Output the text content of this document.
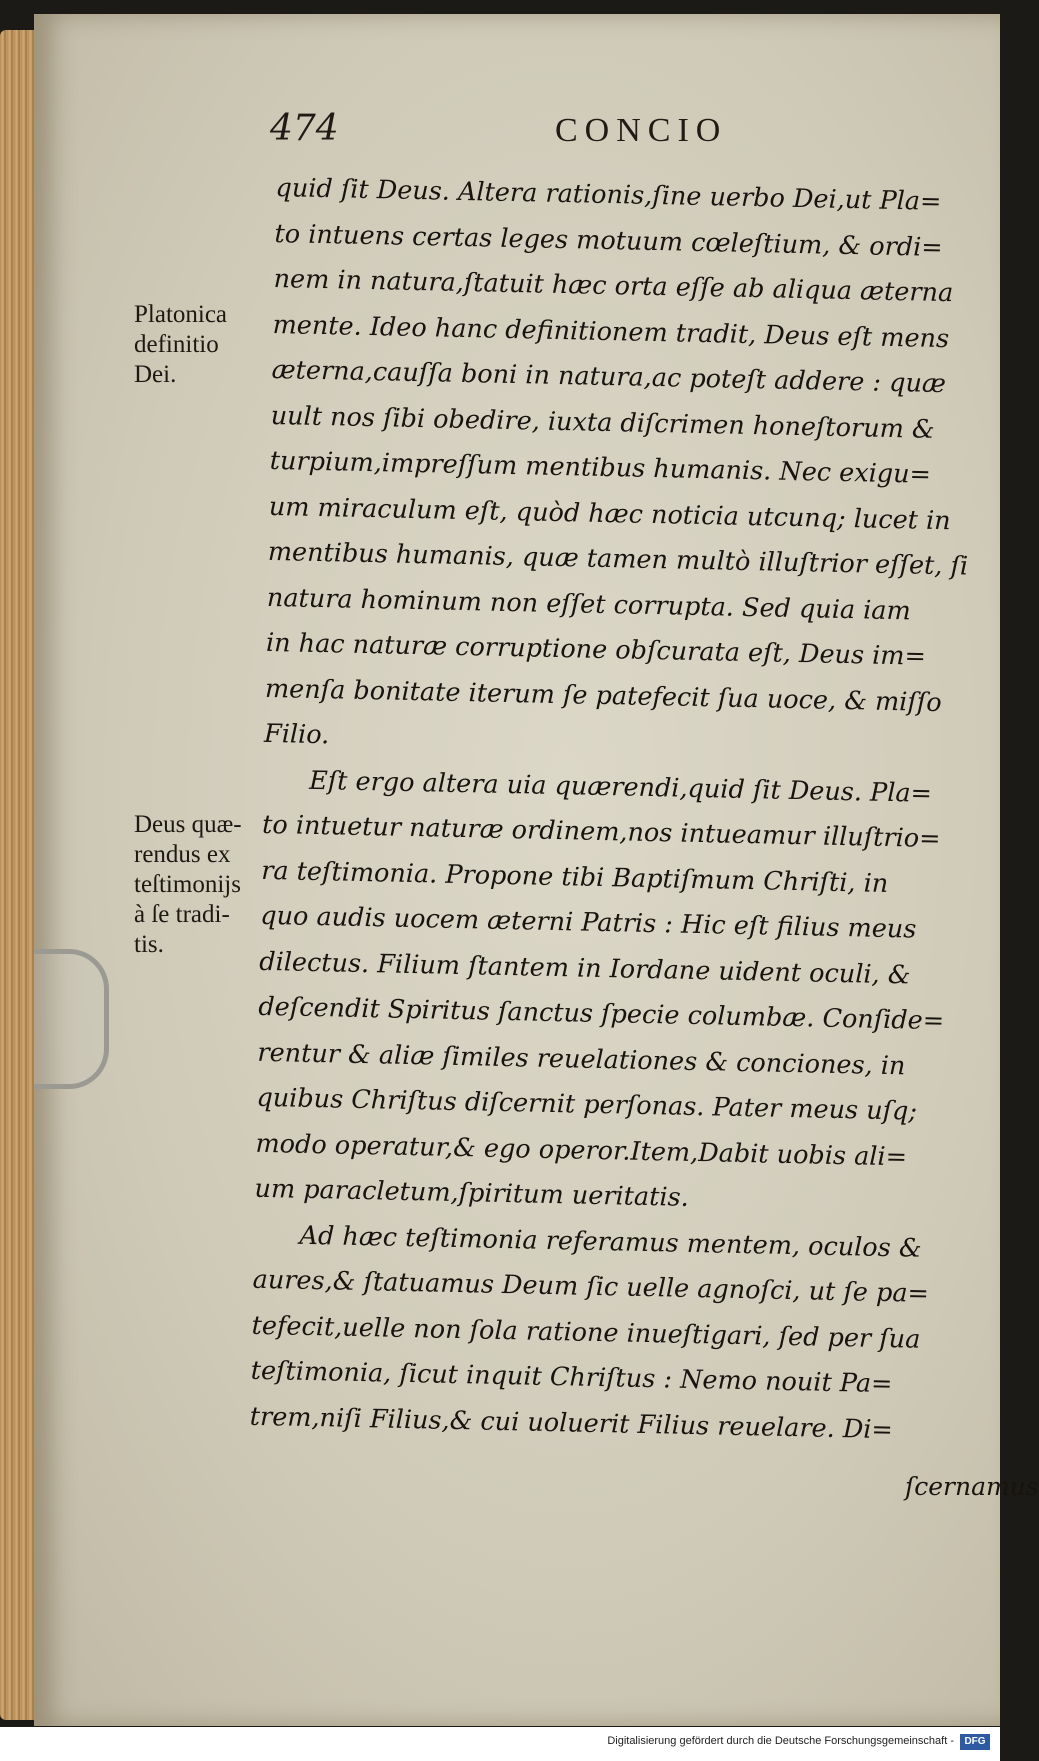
474	CONCIO
Platonica
definitio
Dei.
Deus quæ-
rendus ex
teſtimonijs
à ſe tradi-
tis.
quid ſit Deus. Altera rationis,ſine uerbo Dei,ut Pla=
to intuens certas leges motuum cœleſtium, & ordi=
nem in natura,ſtatuit hæc orta eſſe ab aliqua æterna
mente. Ideo hanc definitionem tradit, Deus eſt mens
æterna,cauſſa boni in natura,ac poteſt addere : quæ
uult nos ſibi obedire, iuxta diſcrimen honeſtorum &
turpium,impreſſum mentibus humanis. Nec exigu=
um miraculum eſt, quòd hæc noticia utcunq; lucet in
mentibus humanis, quæ tamen multò illuſtrior eſſet, ſi
natura hominum non eſſet corrupta. Sed quia iam
in hac naturæ corruptione obſcurata eſt, Deus im=
menſa bonitate iterum ſe patefecit ſua uoce, & miſſo
Filio.
Eſt ergo altera uia quærendi,quid ſit Deus. Pla=
to intuetur naturæ ordinem,nos intueamur illuſtrio=
ra teſtimonia. Propone tibi Baptiſmum Chriſti, in
quo audis uocem æterni Patris : Hic eſt filius meus
dilectus. Filium ſtantem in Iordane uident oculi, &
deſcendit Spiritus ſanctus ſpecie columbæ. Conſide=
rentur & aliæ ſimiles reuelationes & conciones, in
quibus Chriſtus diſcernit perſonas. Pater meus uſq;
modo operatur,& ego operor.Item,Dabit uobis ali=
um paracletum,ſpiritum ueritatis.
Ad hæc teſtimonia referamus mentem, oculos &
aures,& ſtatuamus Deum ſic uelle agnoſci, ut ſe pa=
tefecit,uelle non ſola ratione inueſtigari, ſed per ſua
teſtimonia, ſicut inquit Chriſtus : Nemo nouit Pa=
trem,niſi Filius,& cui uoluerit Filius reuelare. Di=
ſcernamus
Digitalisierung gefördert durch die Deutsche Forschungsgemeinschaft -	DFG
